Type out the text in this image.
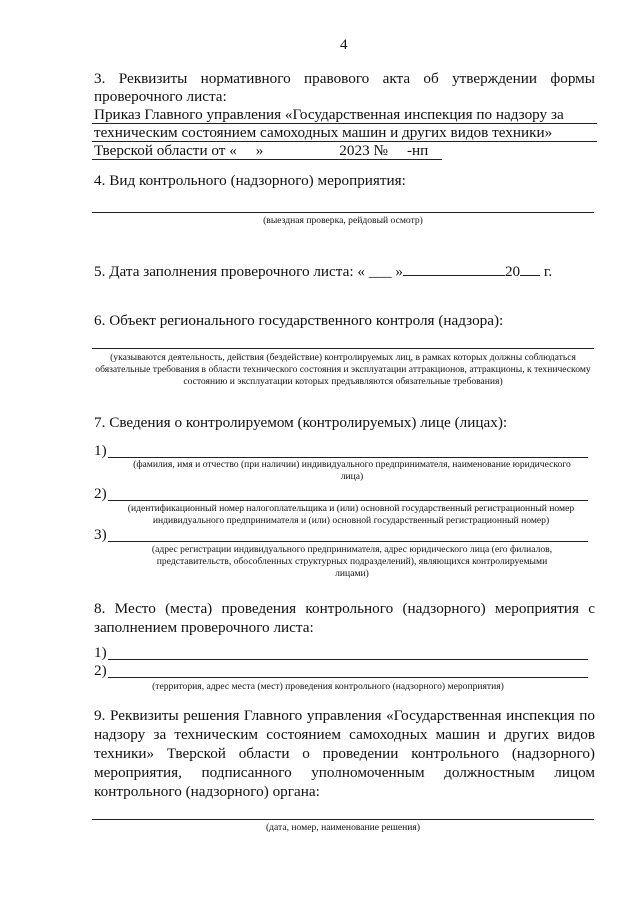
4
3. Реквизиты нормативного правового акта об утверждении формы
проверочного листа:
Приказ Главного управления «Государственная инспекция по надзору за
техническим состоянием самоходных машин и других видов техники»
Тверской области от «     »                    2023 №     -нп
4. Вид контрольного (надзорного) мероприятия:
(выездная проверка, рейдовый осмотр)
5. Дата заполнения проверочного листа: « ___ »	20 г.
6. Объект регионального государственного контроля (надзора):
(указываются деятельность, действия (бездействие) контролируемых лиц, в рамках которых должны соблюдаться обязательные требования в области технического состояния и эксплуатации аттракционов, аттракционы, к техническому состоянию и эксплуатации которых предъявляются обязательные требования)
7. Сведения о контролируемом (контролируемых) лице (лицах):
1)
(фамилия, имя и отчество (при наличии) индивидуального предпринимателя, наименование юридического лица)
2)
(идентификационный номер налогоплательщика и (или) основной государственный регистрационный номер индивидуального предпринимателя и (или) основной государственный регистрационный номер)
3)
(адрес регистрации индивидуального предпринимателя, адрес юридического лица (его филиалов, представительств, обособленных структурных подразделений), являющихся контролируемыми лицами)
8. Место (места) проведения контрольного (надзорного) мероприятия с
заполнением проверочного листа:
1)
2)
(территория, адрес места (мест) проведения контрольного (надзорного) мероприятия)
9. Реквизиты решения Главного управления «Государственная инспекция по
надзору за техническим состоянием самоходных машин и других видов
техники» Тверской области о проведении контрольного (надзорного)
мероприятия, подписанного уполномоченным должностным лицом
контрольного (надзорного) органа:
(дата, номер, наименование решения)
